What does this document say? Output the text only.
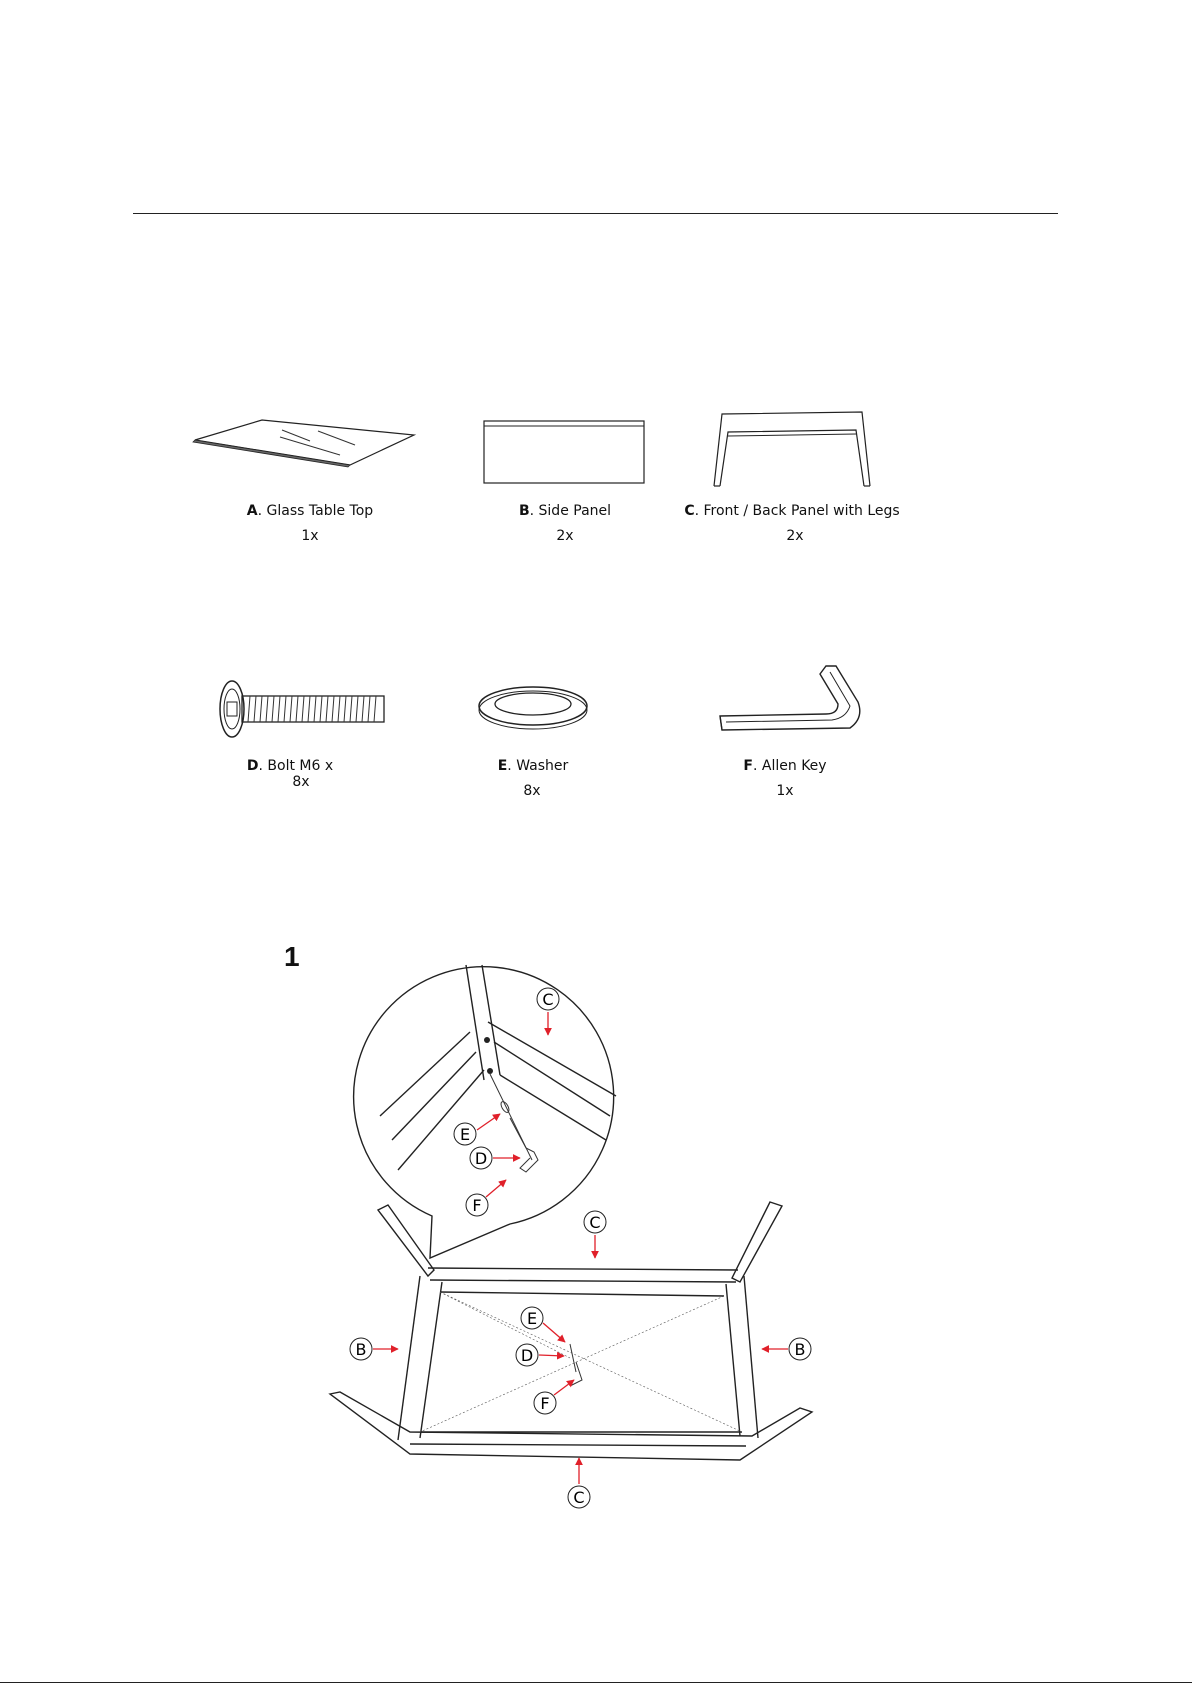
A. Glass Table Top
1x
B. Side Panel
2x
C. Front / Back Panel with Legs
2x
D. Bolt M6 x
8x
E. Washer
8x
F. Allen Key
1x
1
C
E
D
F
C
B	B
E
D
F
C
